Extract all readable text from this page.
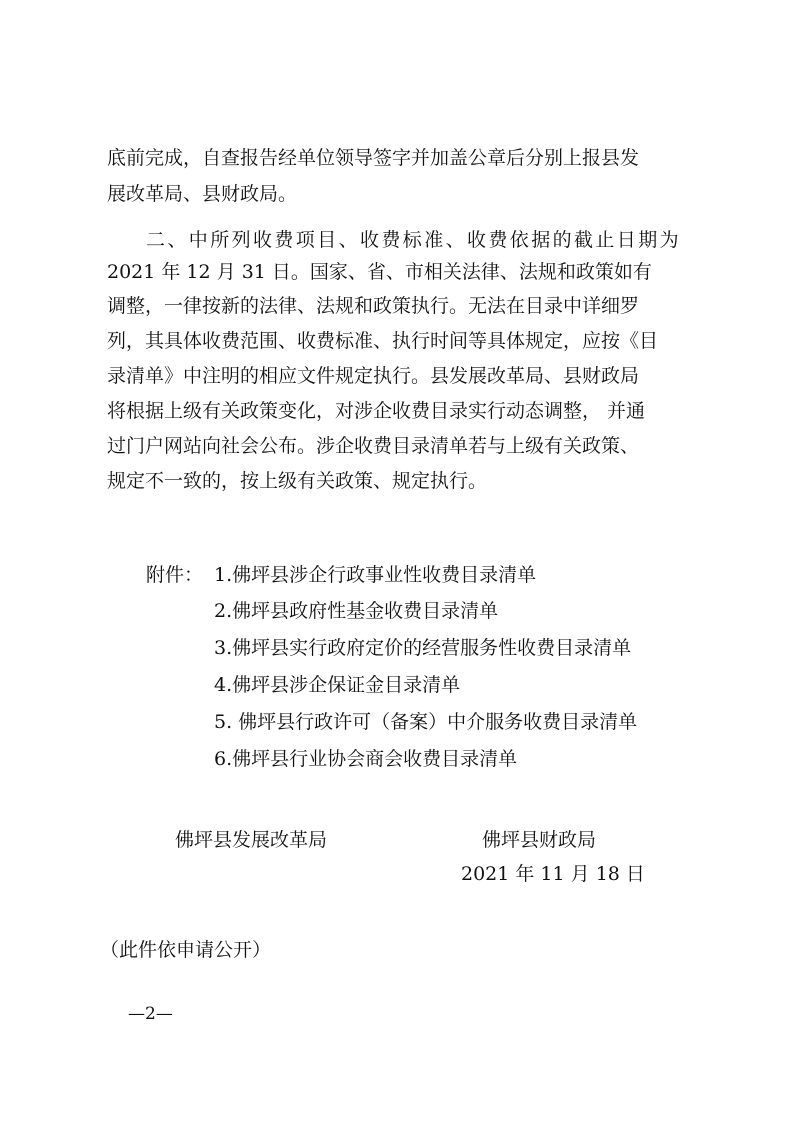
底前完成，自查报告经单位领导签字并加盖公章后分别上报县发
展改革局、县财政局。
二、中所列收费项目、收费标准、收费依据的截止日期为
2021 年 12 月 31 日。国家、省、市相关法律、法规和政策如有
调整，一律按新的法律、法规和政策执行。无法在目录中详细罗
列，其具体收费范围、收费标准、执行时间等具体规定，应按《目
录清单》中注明的相应文件规定执行。县发展改革局、县财政局
将根据上级有关政策变化，对涉企收费目录实行动态调整， 并通
过门户网站向社会公布。涉企收费目录清单若与上级有关政策、
规定不一致的，按上级有关政策、规定执行。
附件： 1.佛坪县涉企行政事业性收费目录清单
2.佛坪县政府性基金收费目录清单
3.佛坪县实行政府定价的经营服务性收费目录清单
4.佛坪县涉企保证金目录清单
5. 佛坪县行政许可（备案）中介服务收费目录清单
6.佛坪县行业协会商会收费目录清单
佛坪县发展改革局	佛坪县财政局
2021 年 11 月 18 日
（此件依申请公开）
—2—
